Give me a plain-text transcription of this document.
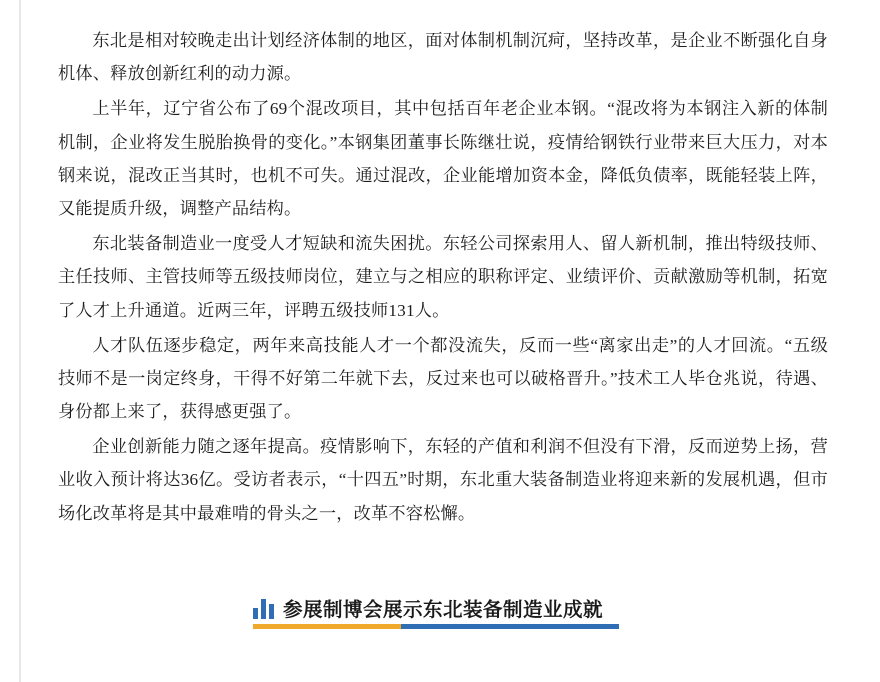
东北是相对较晚走出计划经济体制的地区，面对体制机制沉疴，坚持改革，是企业不断强化自身机体、释放创新红利的动力源。

上半年，辽宁省公布了69个混改项目，其中包括百年老企业本钢。“混改将为本钢注入新的体制机制，企业将发生脱胎换骨的变化。”本钢集团董事长陈继壮说，疫情给钢铁行业带来巨大压力，对本钢来说，混改正当其时，也机不可失。通过混改，企业能增加资本金，降低负债率，既能轻装上阵，又能提质升级，调整产品结构。

东北装备制造业一度受人才短缺和流失困扰。东轻公司探索用人、留人新机制，推出特级技师、主任技师、主管技师等五级技师岗位，建立与之相应的职称评定、业绩评价、贡献激励等机制，拓宽了人才上升通道。近两三年，评聘五级技师131人。

人才队伍逐步稳定，两年来高技能人才一个都没流失，反而一些“离家出走”的人才回流。“五级技师不是一岗定终身，干得不好第二年就下去，反过来也可以破格晋升。”技术工人毕仓兆说，待遇、身份都上来了，获得感更强了。

企业创新能力随之逐年提高。疫情影响下，东轻的产值和利润不但没有下滑，反而逆势上扬，营业收入预计将达36亿。受访者表示，“十四五”时期，东北重大装备制造业将迎来新的发展机遇，但市场化改革将是其中最难啃的骨头之一，改革不容松懈。

参展制博会展示东北装备制造业成就
